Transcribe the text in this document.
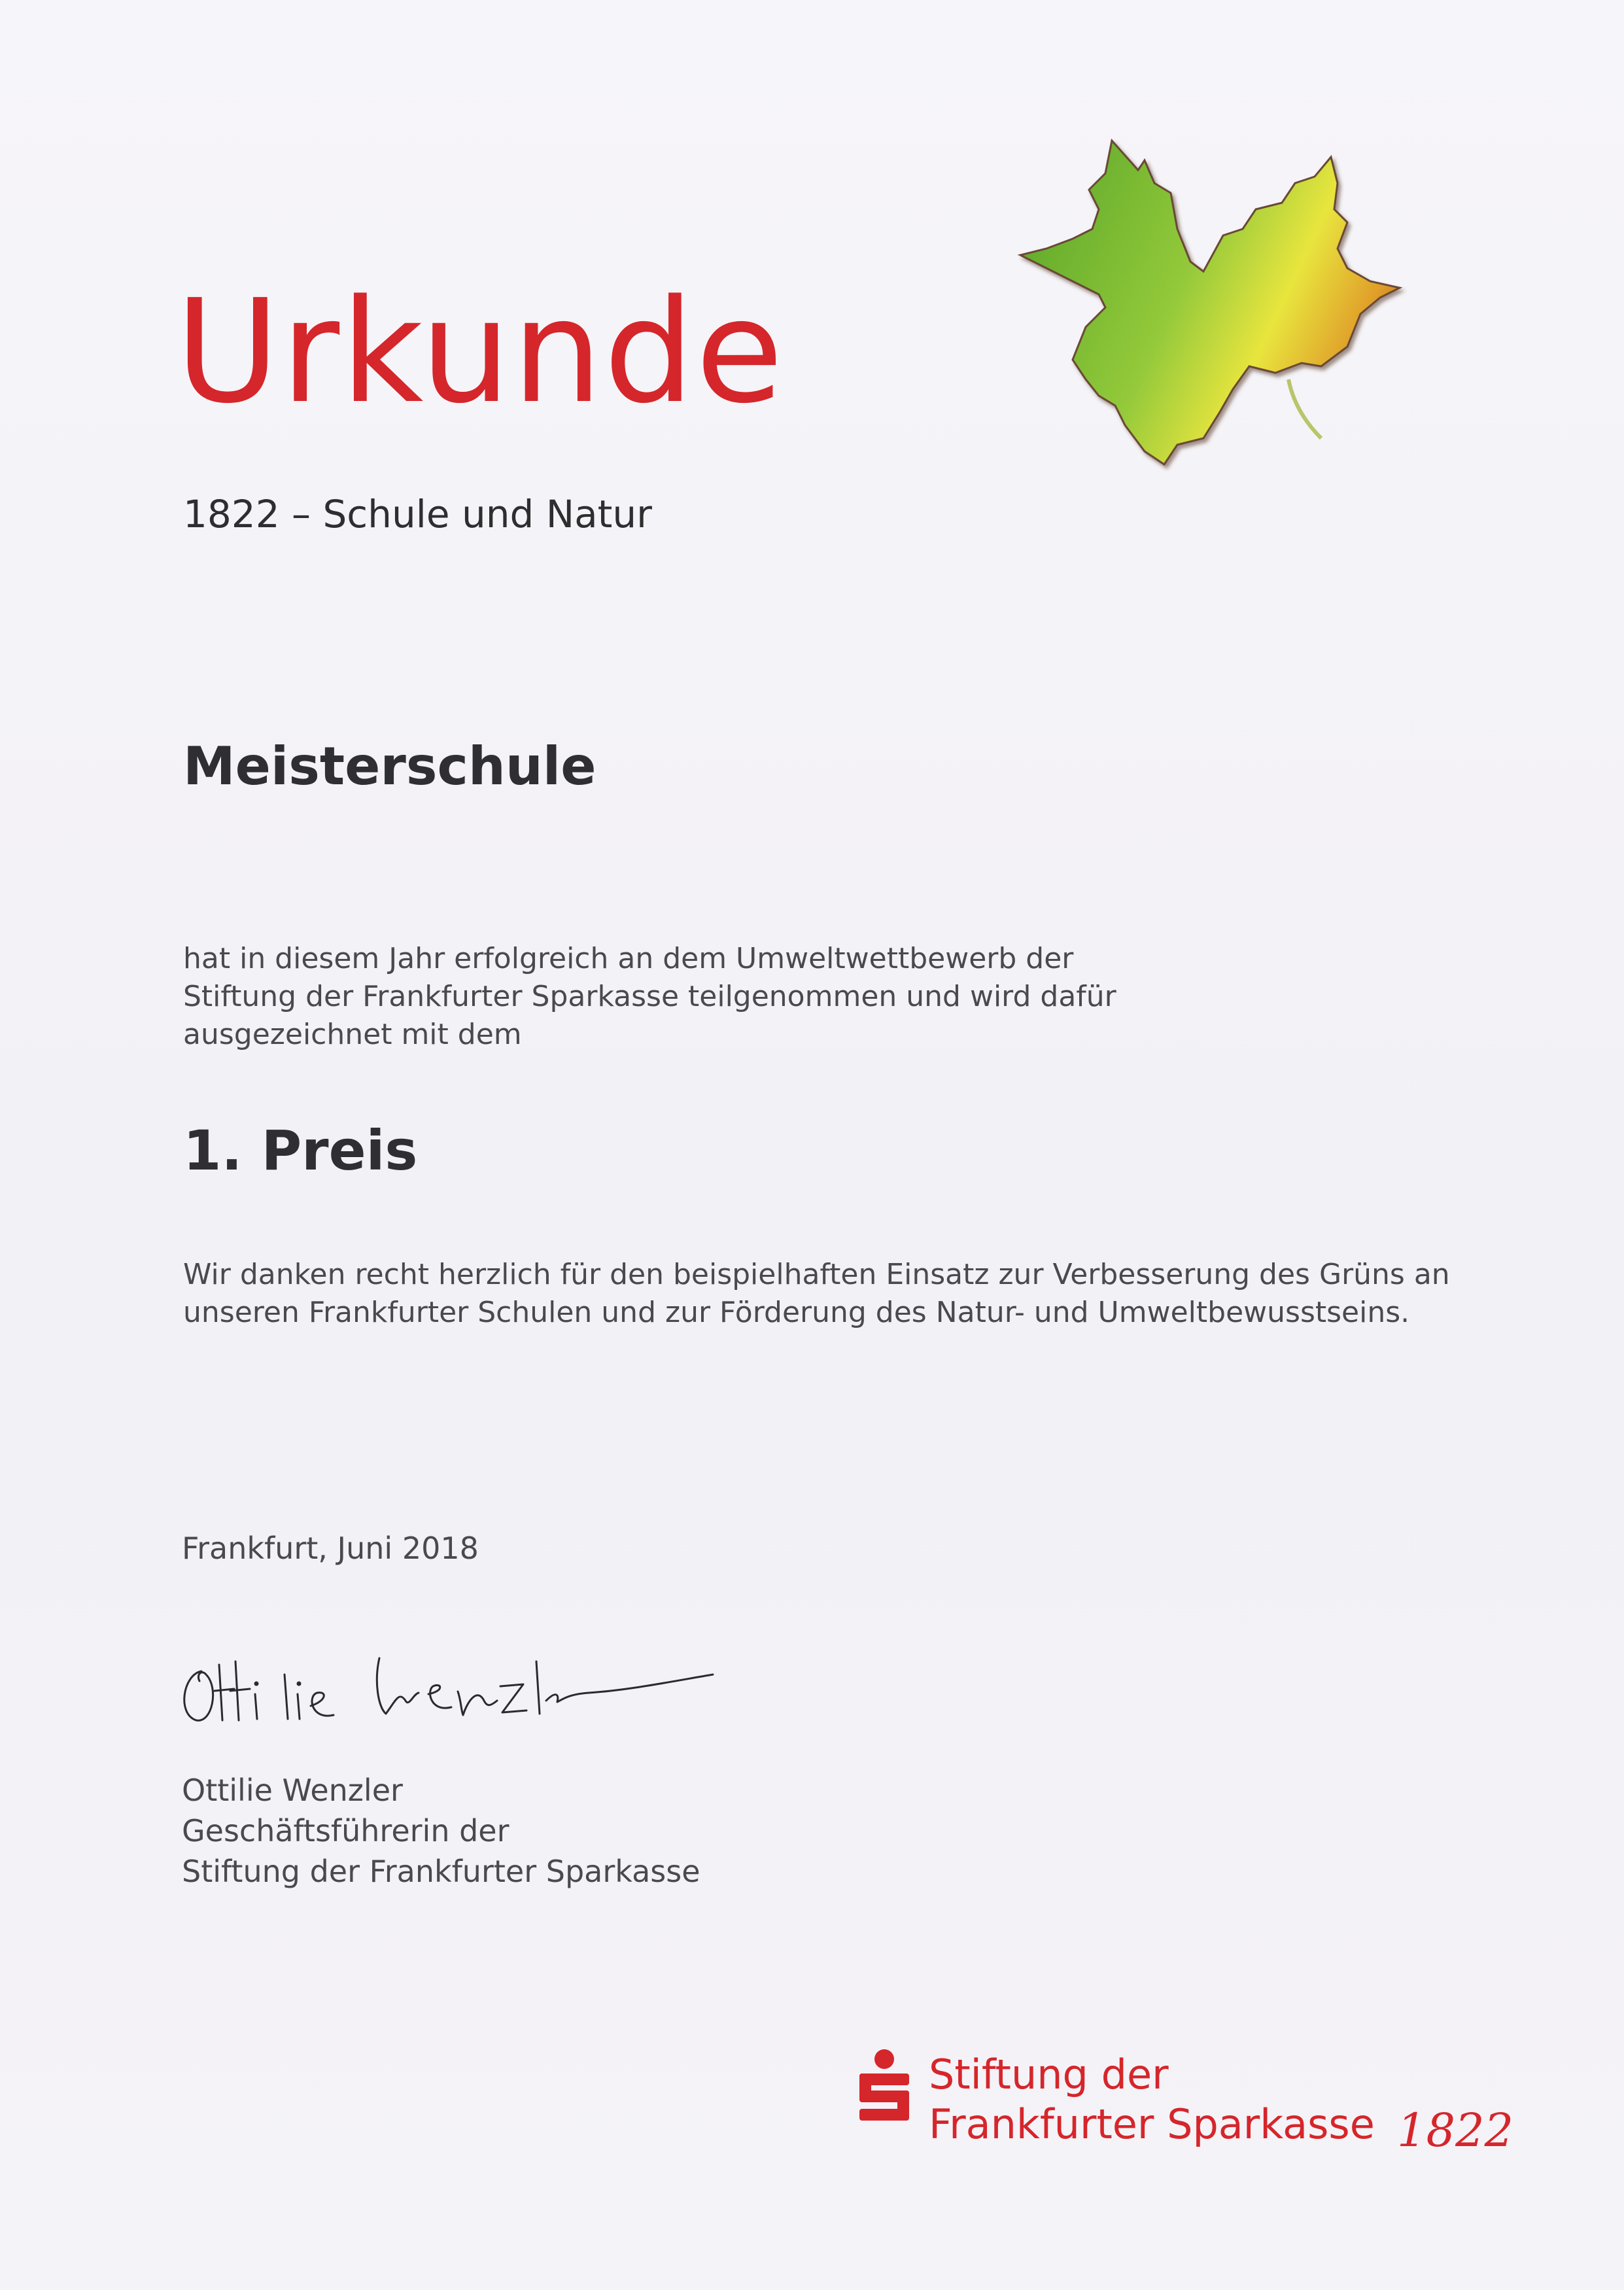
Urkunde
1822 – Schule und Natur
Meisterschule
hat in diesem Jahr erfolgreich an dem Umweltwettbewerb der
Stiftung der Frankfurter Sparkasse teilgenommen und wird dafür
ausgezeichnet mit dem
1. Preis
Wir danken recht herzlich für den beispielhaften Einsatz zur Verbesserung des Grüns an
unseren Frankfurter Schulen und zur Förderung des Natur- und Umweltbewusstseins.
Frankfurt, Juni 2018
Ottilie Wenzler
Geschäftsführerin der
Stiftung der Frankfurter Sparkasse
Stiftung der
Frankfurter Sparkasse 1822
